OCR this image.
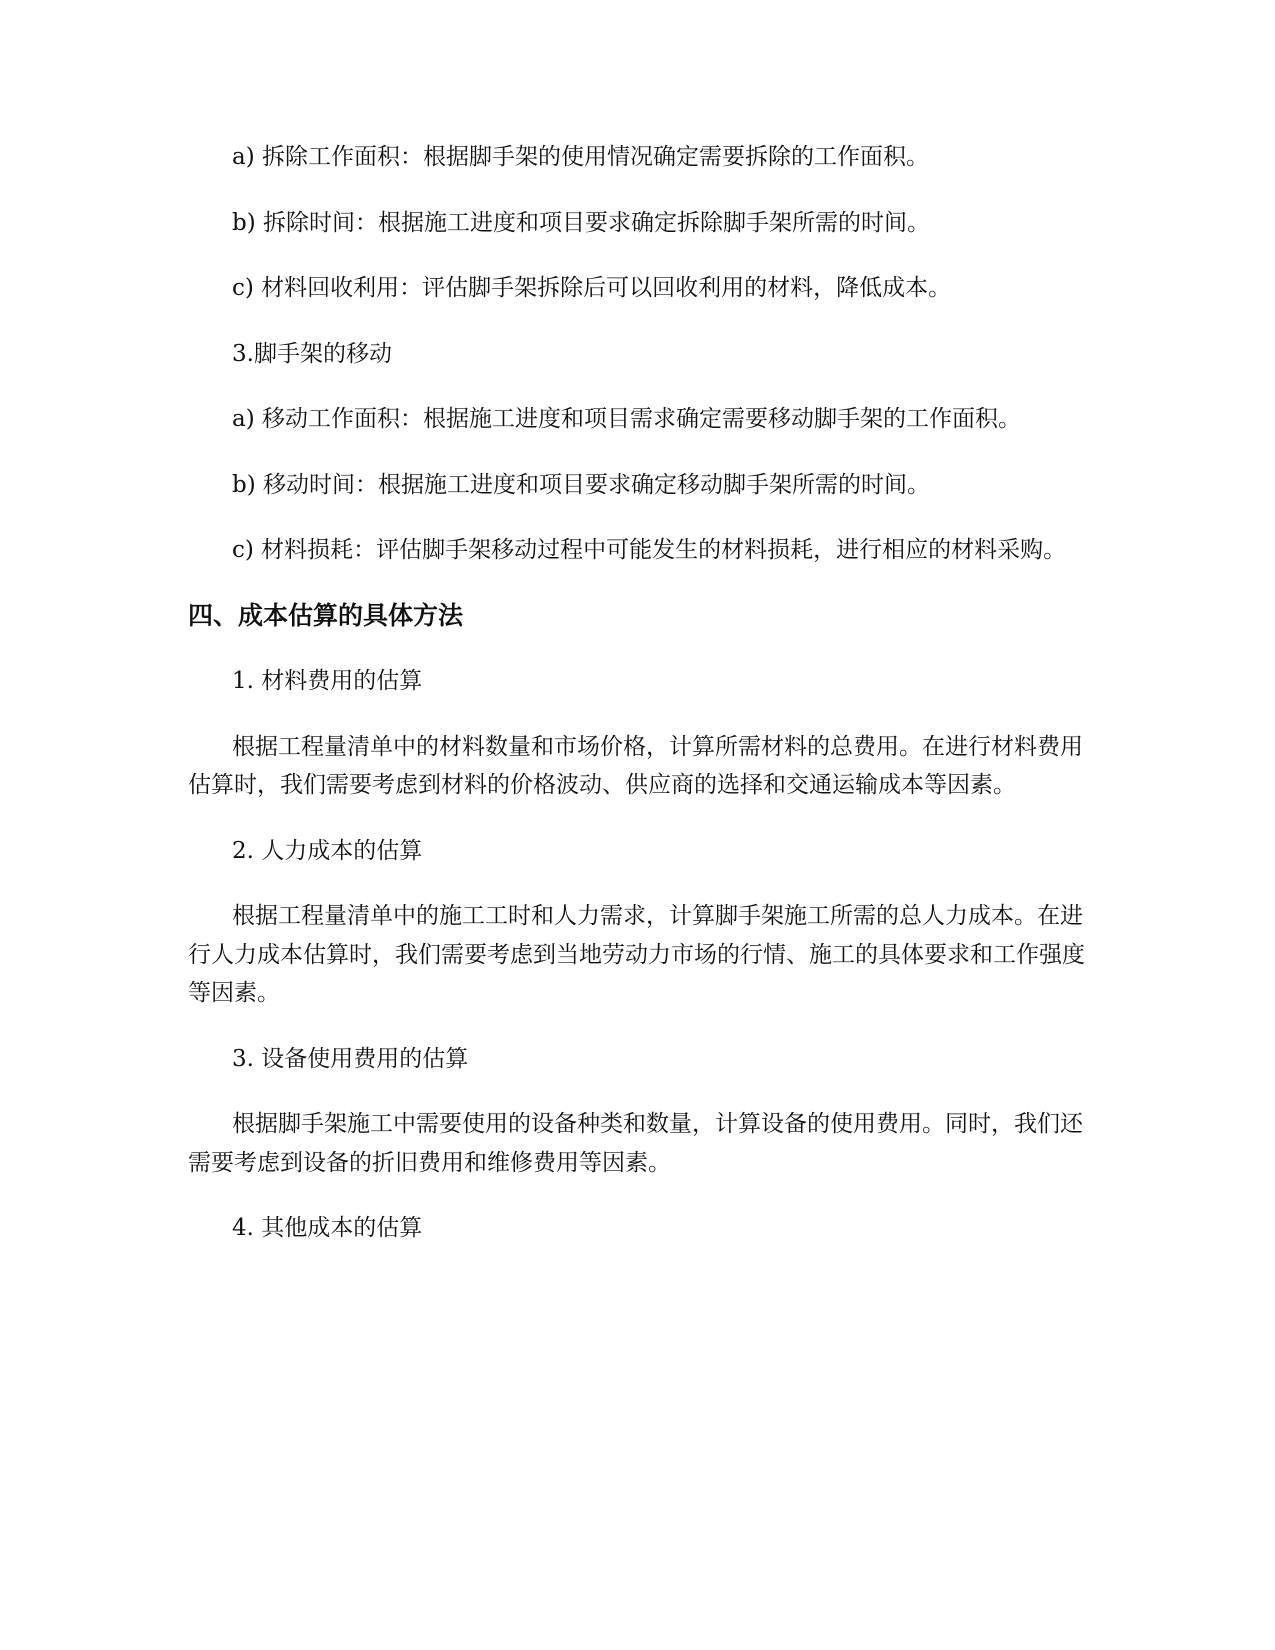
a) 拆除工作面积：根据脚手架的使用情况确定需要拆除的工作面积。

b) 拆除时间：根据施工进度和项目要求确定拆除脚手架所需的时间。

c) 材料回收利用：评估脚手架拆除后可以回收利用的材料，降低成本。

3.脚手架的移动

a) 移动工作面积：根据施工进度和项目需求确定需要移动脚手架的工作面积。

b) 移动时间：根据施工进度和项目要求确定移动脚手架所需的时间。

c) 材料损耗：评估脚手架移动过程中可能发生的材料损耗，进行相应的材料采购。

四、成本估算的具体方法

1. 材料费用的估算

根据工程量清单中的材料数量和市场价格，计算所需材料的总费用。在进行材料费用估算时，我们需要考虑到材料的价格波动、供应商的选择和交通运输成本等因素。

2. 人力成本的估算

根据工程量清单中的施工工时和人力需求，计算脚手架施工所需的总人力成本。在进行人力成本估算时，我们需要考虑到当地劳动力市场的行情、施工的具体要求和工作强度等因素。

3. 设备使用费用的估算

根据脚手架施工中需要使用的设备种类和数量，计算设备的使用费用。同时，我们还需要考虑到设备的折旧费用和维修费用等因素。

4. 其他成本的估算
